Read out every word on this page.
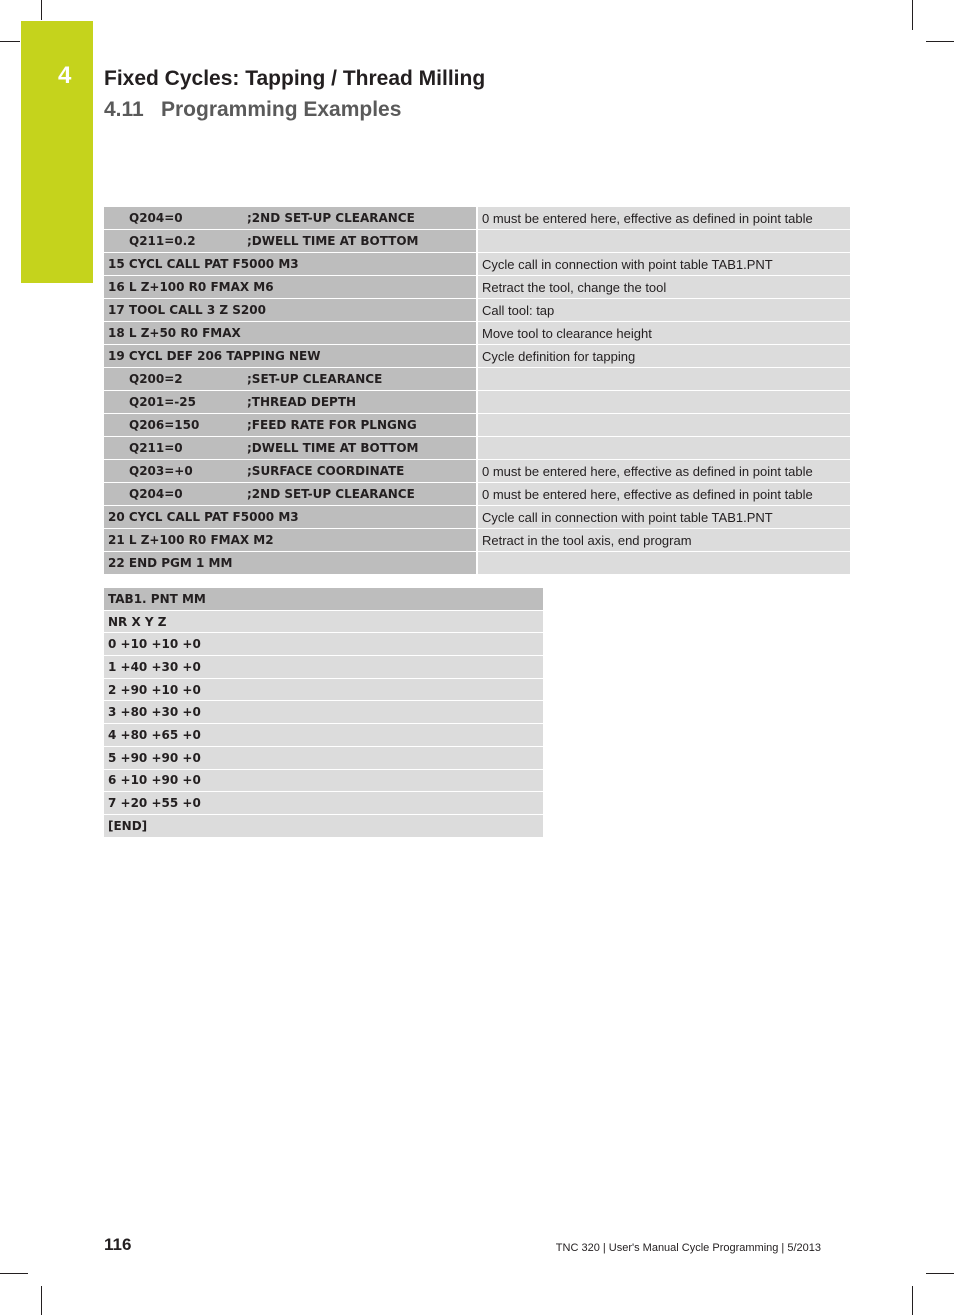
4 Fixed Cycles: Tapping / Thread Milling
4.11 Programming Examples
Q204=0	;2ND SET-UP CLEARANCE	0 must be entered here, effective as defined in point table
Q211=0.2	;DWELL TIME AT BOTTOM
15 CYCL CALL PAT F5000 M3	Cycle call in connection with point table TAB1.PNT
16 L Z+100 R0 FMAX M6	Retract the tool, change the tool
17 TOOL CALL 3 Z S200	Call tool: tap
18 L Z+50 R0 FMAX	Move tool to clearance height
19 CYCL DEF 206 TAPPING NEW	Cycle definition for tapping
Q200=2	;SET-UP CLEARANCE
Q201=-25	;THREAD DEPTH
Q206=150	;FEED RATE FOR PLNGNG
Q211=0	;DWELL TIME AT BOTTOM
Q203=+0	;SURFACE COORDINATE	0 must be entered here, effective as defined in point table
Q204=0	;2ND SET-UP CLEARANCE	0 must be entered here, effective as defined in point table
20 CYCL CALL PAT F5000 M3	Cycle call in connection with point table TAB1.PNT
21 L Z+100 R0 FMAX M2	Retract in the tool axis, end program
22 END PGM 1 MM
TAB1. PNT MM
NR X Y Z
0 +10 +10 +0
1 +40 +30 +0
2 +90 +10 +0
3 +80 +30 +0
4 +80 +65 +0
5 +90 +90 +0
6 +10 +90 +0
7 +20 +55 +0
[END]
116	TNC 320 | User's Manual Cycle Programming | 5/2013
